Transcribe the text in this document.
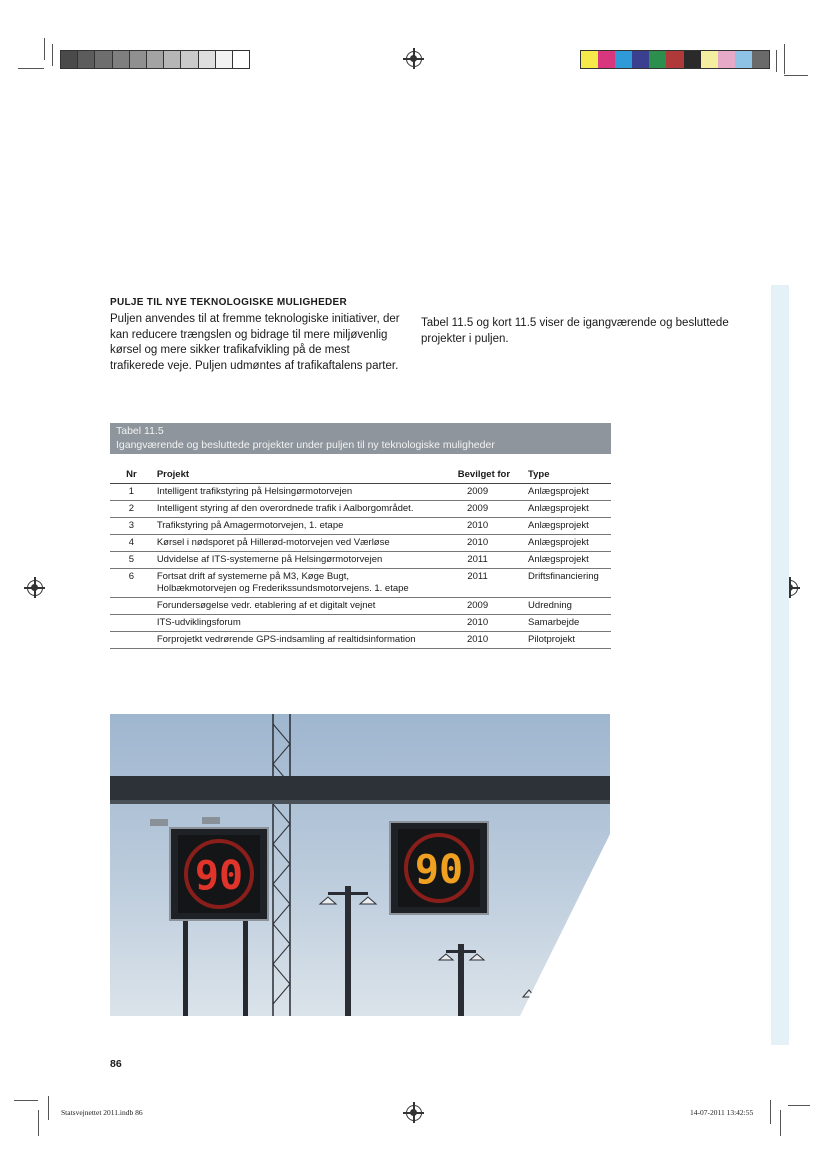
PULJE TIL NYE TEKNOLOGISKE MULIGHEDER
Puljen anvendes til at fremme teknologiske initiativer, der kan reducere trængslen og bidrage til mere miljøvenlig kørsel og mere sikker trafikafvikling på de mest trafikerede veje. Puljen udmøntes af trafikaftalens parter.
Tabel 11.5 og kort 11.5 viser de igangværende og besluttede projekter i puljen.
Tabel 11.5
Igangværende og besluttede projekter under puljen til ny teknologiske muligheder
Nr	Projekt	Bevilget for	Type
1	Intelligent trafikstyring på Helsingørmotorvejen	2009	Anlægsprojekt
2	Intelligent styring af den overordnede trafik i Aalborgområdet.	2009	Anlægsprojekt
3	Trafikstyring på Amagermotorvejen, 1. etape	2010	Anlægsprojekt
4	Kørsel i nødsporet på Hillerød-motorvejen ved Værløse	2010	Anlægsprojekt
5	Udvidelse af ITS-systemerne på Helsingørmotorvejen	2011	Anlægsprojekt
6	Fortsat drift af systemerne på M3, Køge Bugt, Holbækmotorvejen og Frederikssundsmotorvejens. 1. etape	2011	Driftsfinanciering
	Forundersøgelse vedr. etablering af et digitalt vejnet	2009	Udredning
	ITS-udviklingsforum	2010	Samarbejde
	Forprojetkt vedrørende GPS-indsamling af realtidsinformation	2010	Pilotprojekt
90	90
86
Statsvejnettet 2011.indb 86	14-07-2011 13:42:55
